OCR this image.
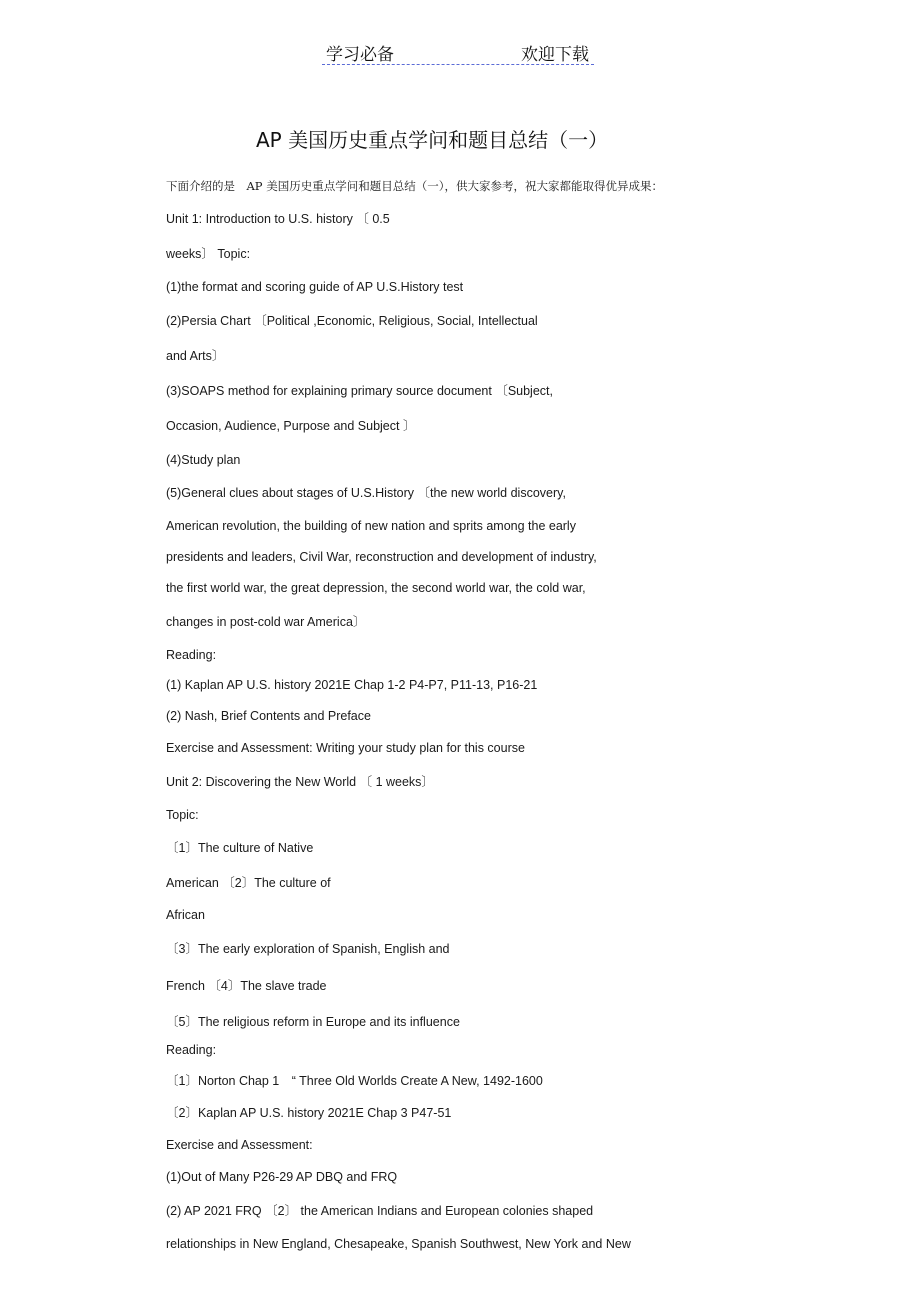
学习必备	欢迎下载
AP 美国历史重点学问和题目总结（一）
下面介绍的是　AP 美国历史重点学问和题目总结（一），供大家参考，祝大家都能取得优异成果：
Unit 1: Introduction to U.S. history 〔 0.5
weeks〕 Topic:
(1)the format and scoring guide of AP U.S.History test
(2)Persia Chart 〔Political ,Economic, Religious, Social, Intellectual
and Arts〕
(3)SOAPS method for explaining primary source document 〔Subject,
Occasion, Audience, Purpose and Subject 〕
(4)Study plan
(5)General clues about stages of U.S.History 〔the new world discovery,
American revolution, the building of new nation and sprits among the early
presidents and leaders, Civil War, reconstruction and development of industry,
the first world war, the great depression, the second world war, the cold war,
changes in post-cold war America〕
Reading:
(1) Kaplan AP U.S. history 2021E Chap 1-2 P4-P7, P11-13, P16-21
(2) Nash, Brief Contents and Preface
Exercise and Assessment: Writing your study plan for this course
Unit 2: Discovering the New World 〔 1 weeks〕
Topic:
〔1〕The culture of Native
American 〔2〕The culture of
African
〔3〕The early exploration of Spanish, English and
French 〔4〕The slave trade
〔5〕The religious reform in Europe and its influence
Reading:
〔1〕Norton Chap 1　“ Three Old Worlds Create A New, 1492-1600
〔2〕Kaplan AP U.S. history 2021E Chap 3 P47-51
Exercise and Assessment:
(1)Out of Many P26-29 AP DBQ and FRQ
(2) AP 2021 FRQ 〔2〕 the American Indians and European colonies shaped
relationships in New England, Chesapeake, Spanish Southwest, New York and New
